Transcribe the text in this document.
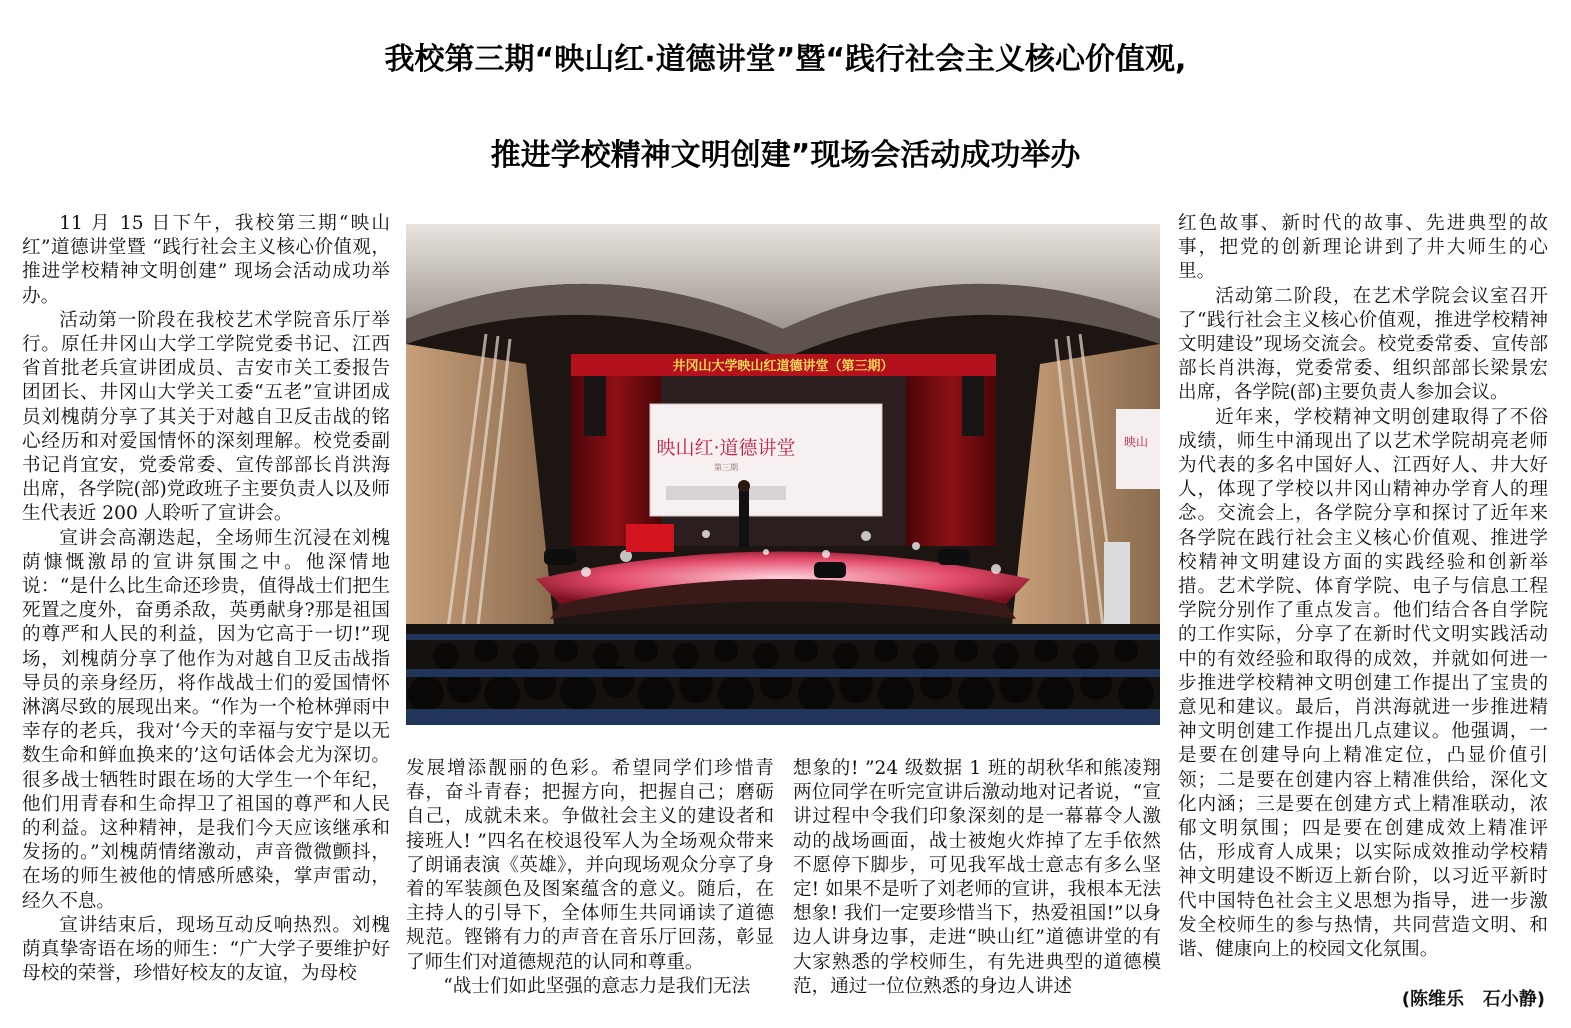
我校第三期“映山红·道德讲堂”暨“践行社会主义核心价值观,
推进学校精神文明创建”现场会活动成功举办

11 月 15 日下午，我校第三期“映山红”道德讲堂暨 “践行社会主义核心价值观，推进学校精神文明创建” 现场会活动成功举办。

活动第一阶段在我校艺术学院音乐厅举行。原任井冈山大学工学院党委书记、江西省首批老兵宣讲团成员、吉安市关工委报告团团长、井冈山大学关工委“五老”宣讲团成员刘槐荫分享了其关于对越自卫反击战的铭心经历和对爱国情怀的深刻理解。校党委副书记肖宜安，党委常委、宣传部部长肖洪海出席，各学院(部)党政班子主要负责人以及师生代表近 200 人聆听了宣讲会。

宣讲会高潮迭起，全场师生沉浸在刘槐荫慷慨激昂的宣讲氛围之中。他深情地说：“是什么比生命还珍贵，值得战士们把生死置之度外，奋勇杀敌，英勇献身?那是祖国的尊严和人民的利益，因为它高于一切!”现场，刘槐荫分享了他作为对越自卫反击战指导员的亲身经历，将作战战士们的爱国情怀淋漓尽致的展现出来。“作为一个枪林弹雨中幸存的老兵，我对‘今天的幸福与安宁是以无数生命和鲜血换来的’这句话体会尤为深切。很多战士牺牲时跟在场的大学生一个年纪，他们用青春和生命捍卫了祖国的尊严和人民的利益。这种精神，是我们今天应该继承和发扬的。”刘槐荫情绪激动，声音微微颤抖，在场的师生被他的情感所感染，掌声雷动，经久不息。

宣讲结束后，现场互动反响热烈。刘槐荫真挚寄语在场的师生：“广大学子要维护好母校的荣誉，珍惜好校友的友谊，为母校

井冈山大学映山红道德讲堂（第三期）
映山红·道德讲堂
第三期
映山

发展增添靓丽的色彩。希望同学们珍惜青春，奋斗青春；把握方向，把握自己；磨砺自己，成就未来。争做社会主义的建设者和接班人! ”四名在校退役军人为全场观众带来了朗诵表演《英雄》，并向现场观众分享了身着的军装颜色及图案蕴含的意义。随后，在主持人的引导下，全体师生共同诵读了道德规范。铿锵有力的声音在音乐厅回荡，彰显了师生们对道德规范的认同和尊重。

“战士们如此坚强的意志力是我们无法

想象的! ”24 级数据 1 班的胡秋华和熊凌翔两位同学在听完宣讲后激动地对记者说，“宣讲过程中令我们印象深刻的是一幕幕令人激动的战场画面，战士被炮火炸掉了左手依然不愿停下脚步，可见我军战士意志有多么坚定! 如果不是听了刘老师的宣讲，我根本无法想象! 我们一定要珍惜当下，热爱祖国!”以身边人讲身边事，走进“映山红”道德讲堂的有大家熟悉的学校师生，有先进典型的道德模范，通过一位位熟悉的身边人讲述

红色故事、新时代的故事、先进典型的故事，把党的创新理论讲到了井大师生的心里。

活动第二阶段，在艺术学院会议室召开了“践行社会主义核心价值观，推进学校精神文明建设”现场交流会。校党委常委、宣传部部长肖洪海，党委常委、组织部部长梁景宏出席，各学院(部)主要负责人参加会议。

近年来，学校精神文明创建取得了不俗成绩，师生中涌现出了以艺术学院胡亮老师为代表的多名中国好人、江西好人、井大好人，体现了学校以井冈山精神办学育人的理念。交流会上，各学院分享和探讨了近年来各学院在践行社会主义核心价值观、推进学校精神文明建设方面的实践经验和创新举措。艺术学院、体育学院、电子与信息工程学院分别作了重点发言。他们结合各自学院的工作实际，分享了在新时代文明实践活动中的有效经验和取得的成效，并就如何进一步推进学校精神文明创建工作提出了宝贵的意见和建议。最后，肖洪海就进一步推进精神文明创建工作提出几点建议。他强调，一是要在创建导向上精准定位，凸显价值引领；二是要在创建内容上精准供给，深化文化内涵；三是要在创建方式上精准联动，浓郁文明氛围；四是要在创建成效上精准评估，形成育人成果；以实际成效推动学校精神文明建设不断迈上新台阶，以习近平新时代中国特色社会主义思想为指导，进一步激发全校师生的参与热情，共同营造文明、和谐、健康向上的校园文化氛围。

(陈维乐   石小静)
